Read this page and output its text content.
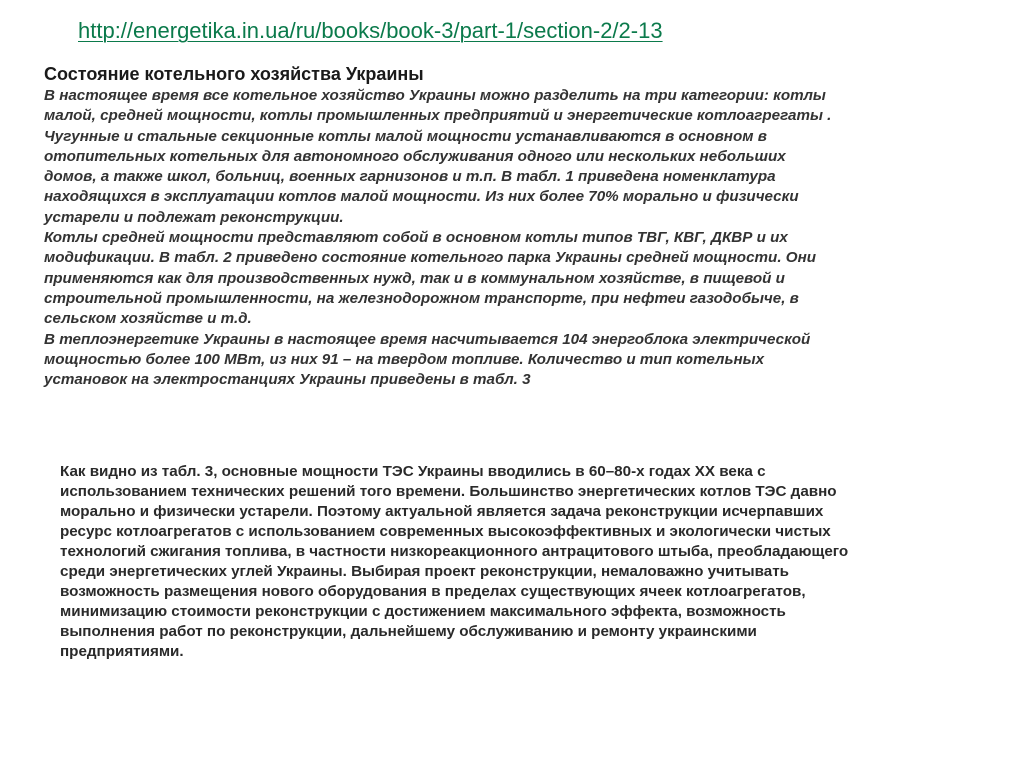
http://energetika.in.ua/ru/books/book-3/part-1/section-2/2-13
Состояние котельного хозяйства Украины

В настоящее время все котельное хозяйство Украины можно разделить на три категории: котлы

малой, средней мощности, котлы промышленных предприятий и энергетические котлоагрегаты .

Чугунные и стальные секционные котлы малой мощности устанавливаются в основном в

отопительных котельных для автономного обслуживания одного или нескольких небольших

домов, а также школ, больниц, военных гарнизонов и т.п. В табл. 1 приведена номенклатура

находящихся в эксплуатации котлов малой мощности. Из них более 70% морально и физически

устарели и подлежат реконструкции.

Котлы средней мощности представляют собой в основном котлы типов ТВГ, КВГ, ДКВР и их

модификации. В табл. 2 приведено состояние котельного парка Украины средней мощности. Они

применяются как для производственных нужд, так и в коммунальном хозяйстве, в пищевой и

строительной промышленности, на железнодорожном транспорте, при нефтеи газодобыче, в

сельском хозяйстве и т.д.

В теплоэнергетике Украины в настоящее время насчитывается 104 энергоблока электрической

мощностью более 100 МВт, из них 91 – на твердом топливе. Количество и тип котельных

установок на электростанциях Украины приведены в табл. 3

Как видно из табл. 3, основные мощности ТЭС Украины вводились в 60–80-х годах XX века с

использованием технических решений того времени. Большинство энергетических котлов ТЭС давно

морально и физически устарели. Поэтому актуальной является задача реконструкции исчерпавших

ресурс котлоагрегатов с использованием современных высокоэффективных и экологически чистых

технологий сжигания топлива, в частности низкореакционного антрацитового штыба, преобладающего

среди энергетических углей Украины. Выбирая проект реконструкции, немаловажно учитывать

возможность размещения нового оборудования в пределах существующих ячеек котлоагрегатов,

минимизацию стоимости реконструкции с достижением максимального эффекта, возможность

выполнения работ по реконструкции, дальнейшему обслуживанию и ремонту украинскими

предприятиями.
